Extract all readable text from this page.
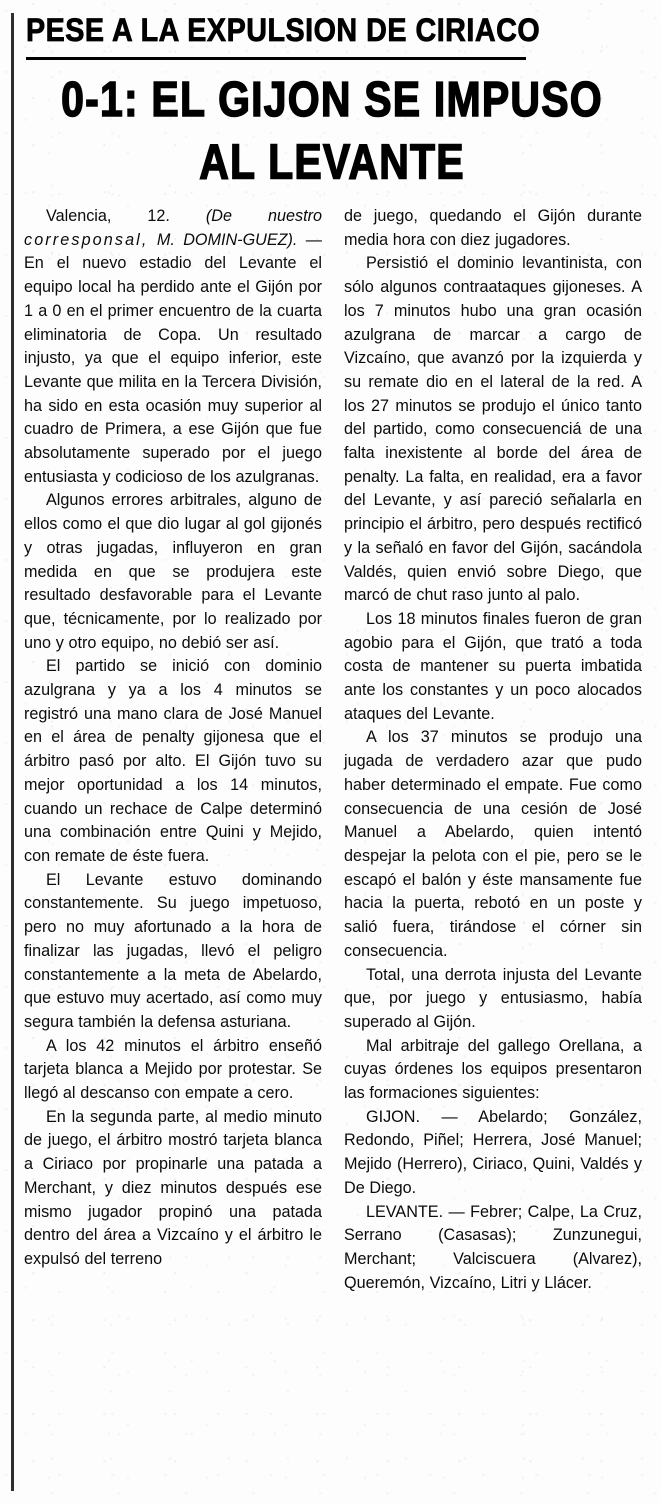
PESE A LA EXPULSION DE CIRIACO
0-1: EL GIJON SE IMPUSO
AL LEVANTE

Valencia, 12. (De nuestro corresponsal, M. DOMIN-GUEZ). — En el nuevo estadio del Levante el equipo local ha perdido ante el Gijón por 1 a 0 en el primer encuentro de la cuarta eliminatoria de Copa. Un resultado injusto, ya que el equipo inferior, este Levante que milita en la Tercera División, ha sido en esta ocasión muy superior al cuadro de Primera, a ese Gijón que fue absolutamente superado por el juego entusiasta y codicioso de los azulgranas.

Algunos errores arbitrales, alguno de ellos como el que dio lugar al gol gijonés y otras jugadas, influyeron en gran medida en que se produjera este resultado desfavorable para el Levante que, técnicamente, por lo realizado por uno y otro equipo, no debió ser así.

El partido se inició con dominio azulgrana y ya a los 4 minutos se registró una mano clara de José Manuel en el área de penalty gijonesa que el árbitro pasó por alto. El Gijón tuvo su mejor oportunidad a los 14 minutos, cuando un rechace de Calpe determinó una combinación entre Quini y Mejido, con remate de éste fuera.

El Levante estuvo dominando constantemente. Su juego impetuoso, pero no muy afortunado a la hora de finalizar las jugadas, llevó el peligro constantemente a la meta de Abelardo, que estuvo muy acertado, así como muy segura también la defensa asturiana.

A los 42 minutos el árbitro enseñó tarjeta blanca a Mejido por protestar. Se llegó al descanso con empate a cero.

En la segunda parte, al medio minuto de juego, el árbitro mostró tarjeta blanca a Ciriaco por propinarle una patada a Merchant, y diez minutos después ese mismo jugador propinó una patada dentro del área a Vizcaíno y el árbitro le expulsó del terreno

de juego, quedando el Gijón durante media hora con diez jugadores.

Persistió el dominio levantinista, con sólo algunos contraataques gijoneses. A los 7 minutos hubo una gran ocasión azulgrana de marcar a cargo de Vizcaíno, que avanzó por la izquierda y su remate dio en el lateral de la red. A los 27 minutos se produjo el único tanto del partido, como consecuenciá de una falta inexistente al borde del área de penalty. La falta, en realidad, era a favor del Levante, y así pareció señalarla en principio el árbitro, pero después rectificó y la señaló en favor del Gijón, sacándola Valdés, quien envió sobre Diego, que marcó de chut raso junto al palo.

Los 18 minutos finales fueron de gran agobio para el Gijón, que trató a toda costa de mantener su puerta imbatida ante los constantes y un poco alocados ataques del Levante.

A los 37 minutos se produjo una jugada de verdadero azar que pudo haber determinado el empate. Fue como consecuencia de una cesión de José Manuel a Abelardo, quien intentó despejar la pelota con el pie, pero se le escapó el balón y éste mansamente fue hacia la puerta, rebotó en un poste y salió fuera, tirándose el córner sin consecuencia.

Total, una derrota injusta del Levante que, por juego y entusiasmo, había superado al Gijón.

Mal arbitraje del gallego Orellana, a cuyas órdenes los equipos presentaron las formaciones siguientes:

GIJON. — Abelardo; González, Redondo, Piñel; Herrera, José Manuel; Mejido (Herrero), Ciriaco, Quini, Valdés y De Diego.

LEVANTE. — Febrer; Calpe, La Cruz, Serrano (Casasas); Zunzunegui, Merchant; Valciscuera (Alvarez), Queremón, Vizcaíno, Litri y Llácer.
